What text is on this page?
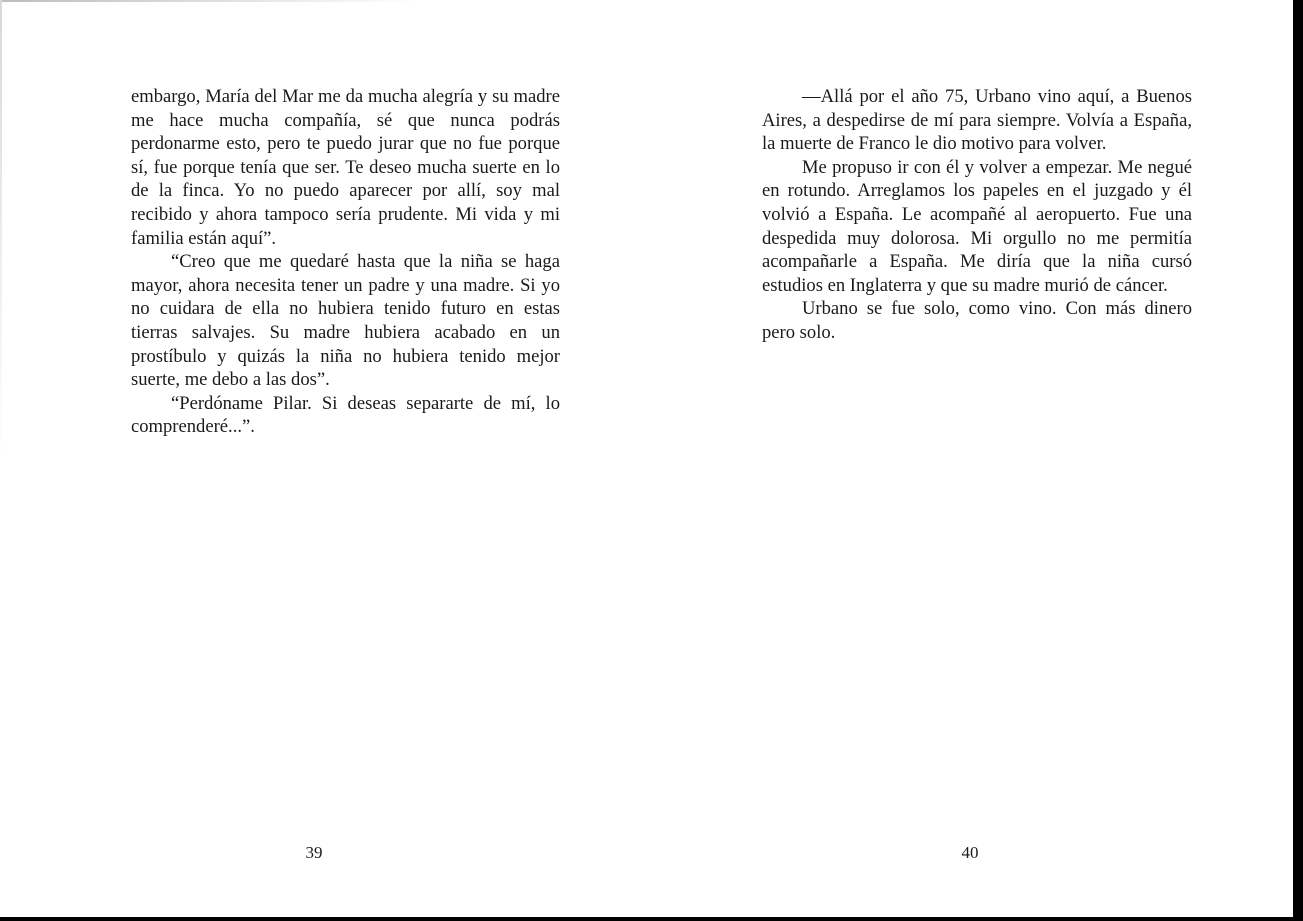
embargo, María del Mar me da mucha alegría y su madre me hace mucha compañía, sé que nunca podrás perdonarme esto, pero te puedo jurar que no fue porque sí, fue porque tenía que ser. Te deseo mucha suerte en lo de la finca. Yo no puedo aparecer por allí, soy mal recibido y ahora tampoco sería prudente. Mi vida y mi familia están aquí”.

“Creo que me quedaré hasta que la niña se haga mayor, ahora necesita tener un padre y una madre. Si yo no cuidara de ella no hubiera tenido futuro en estas tierras salvajes. Su madre hubiera acabado en un prostíbulo y quizás la niña no hubiera tenido mejor suerte, me debo a las dos”.

“Perdóname Pilar. Si deseas separarte de mí, lo comprenderé...”.

—Allá por el año 75, Urbano vino aquí, a Buenos Aires, a despedirse de mí para siempre. Volvía a España, la muerte de Franco le dio motivo para volver.

Me propuso ir con él y volver a empezar. Me negué en rotundo. Arreglamos los papeles en el juzgado y él volvió a España. Le acompañé al aeropuerto. Fue una despedida muy dolorosa. Mi orgullo no me permitía acompañarle a España. Me diría que la niña cursó estudios en Inglaterra y que su madre murió de cáncer.

Urbano se fue solo, como vino. Con más dinero pero solo.

39	40
